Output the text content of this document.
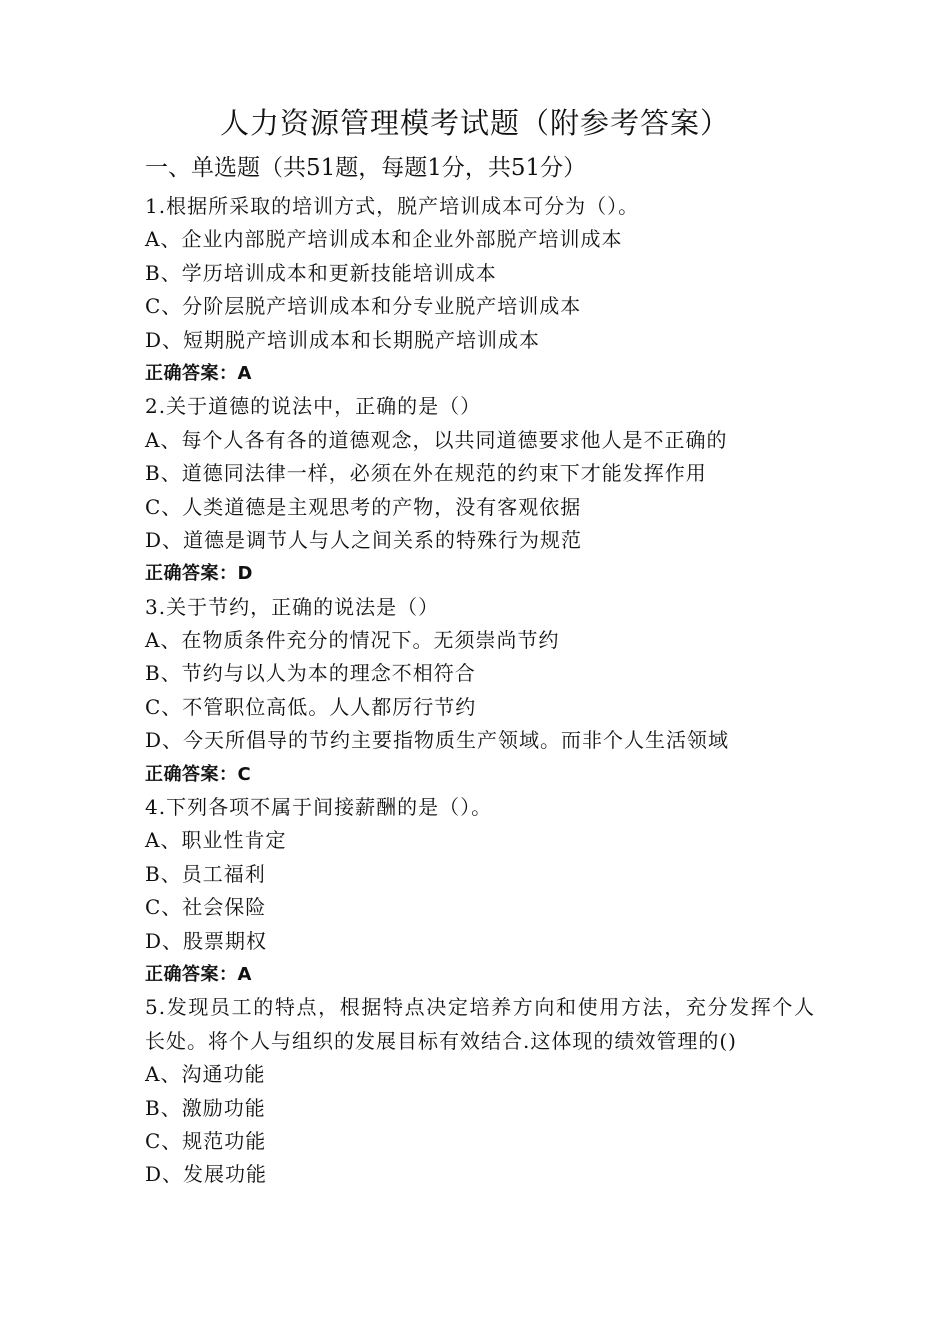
人力资源管理模考试题（附参考答案）
一、单选题（共51题，每题1分，共51分）
1.根据所采取的培训方式，脱产培训成本可分为（）。
A、企业内部脱产培训成本和企业外部脱产培训成本
B、学历培训成本和更新技能培训成本
C、分阶层脱产培训成本和分专业脱产培训成本
D、短期脱产培训成本和长期脱产培训成本
正确答案：A
2.关于道德的说法中，正确的是（）
A、每个人各有各的道德观念，以共同道德要求他人是不正确的
B、道德同法律一样，必须在外在规范的约束下才能发挥作用
C、人类道德是主观思考的产物，没有客观依据
D、道德是调节人与人之间关系的特殊行为规范
正确答案：D
3.关于节约，正确的说法是（）
A、在物质条件充分的情况下。无须崇尚节约
B、节约与以人为本的理念不相符合
C、不管职位高低。人人都厉行节约
D、今天所倡导的节约主要指物质生产领域。而非个人生活领域
正确答案：C
4.下列各项不属于间接薪酬的是（）。
A、职业性肯定
B、员工福利
C、社会保险
D、股票期权
正确答案：A
5.发现员工的特点，根据特点决定培养方向和使用方法，充分发挥个人长处。将个人与组织的发展目标有效结合.这体现的绩效管理的()
A、沟通功能
B、激励功能
C、规范功能
D、发展功能
